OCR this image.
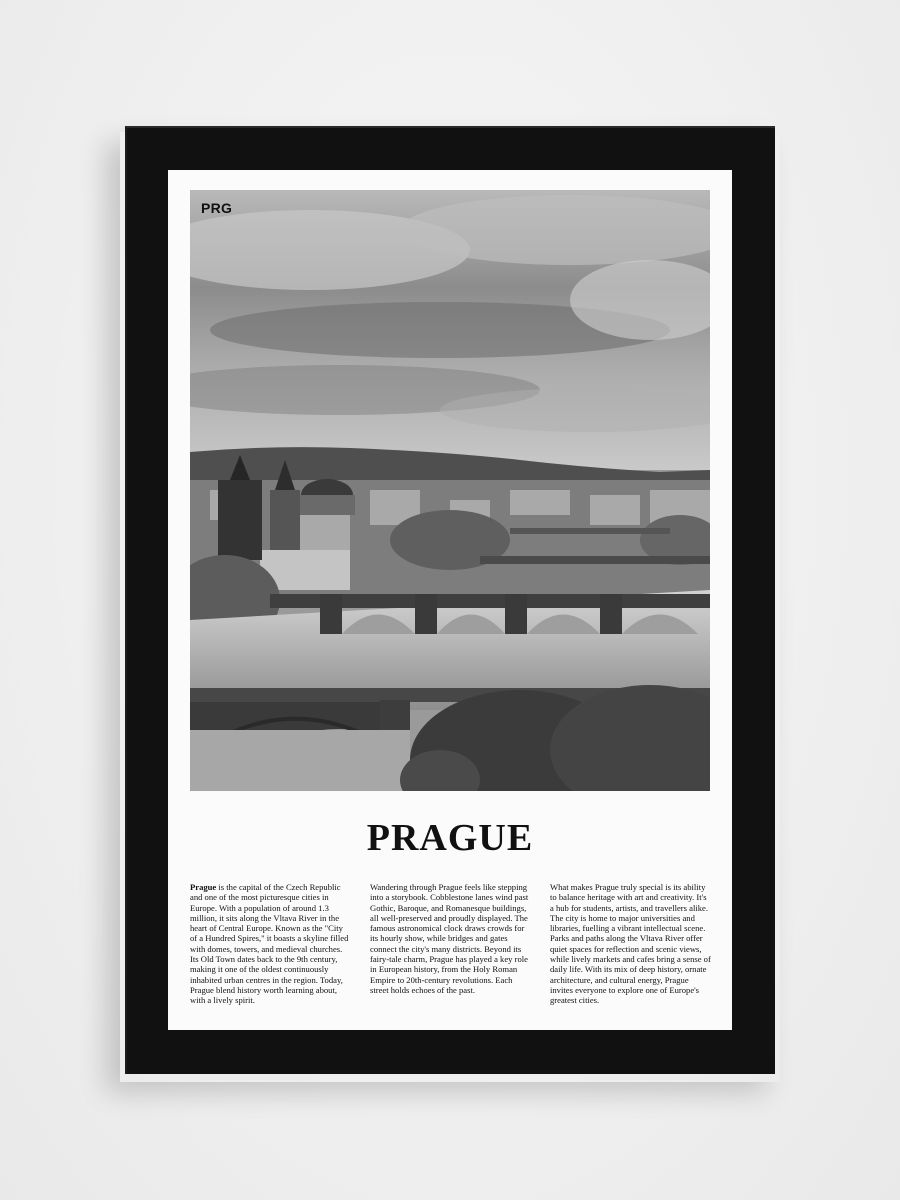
PRG
PRAGUE
Prague is the capital of the Czech Republic and one of the most picturesque cities in Europe. With a population of around 1.3 million, it sits along the Vltava River in the heart of Central Europe. Known as the "City of a Hundred Spires," it boasts a skyline filled with domes, towers, and medieval churches. Its Old Town dates back to the 9th century, making it one of the oldest continuously inhabited urban centres in the region. Today, Prague blend history worth learning about, with a lively spirit.
Wandering through Prague feels like stepping into a storybook. Cobblestone lanes wind past Gothic, Baroque, and Romanesque buildings, all well-preserved and proudly displayed. The famous astronomical clock draws crowds for its hourly show, while bridges and gates connect the city's many districts. Beyond its fairy-tale charm, Prague has played a key role in European history, from the Holy Roman Empire to 20th-century revolutions. Each street holds echoes of the past.
What makes Prague truly special is its ability to balance heritage with art and creativity. It's a hub for students, artists, and travellers alike. The city is home to major universities and libraries, fuelling a vibrant intellectual scene. Parks and paths along the Vltava River offer quiet spaces for reflection and scenic views, while lively markets and cafes bring a sense of daily life. With its mix of deep history, ornate architecture, and cultural energy, Prague invites everyone to explore one of Europe's greatest cities.
